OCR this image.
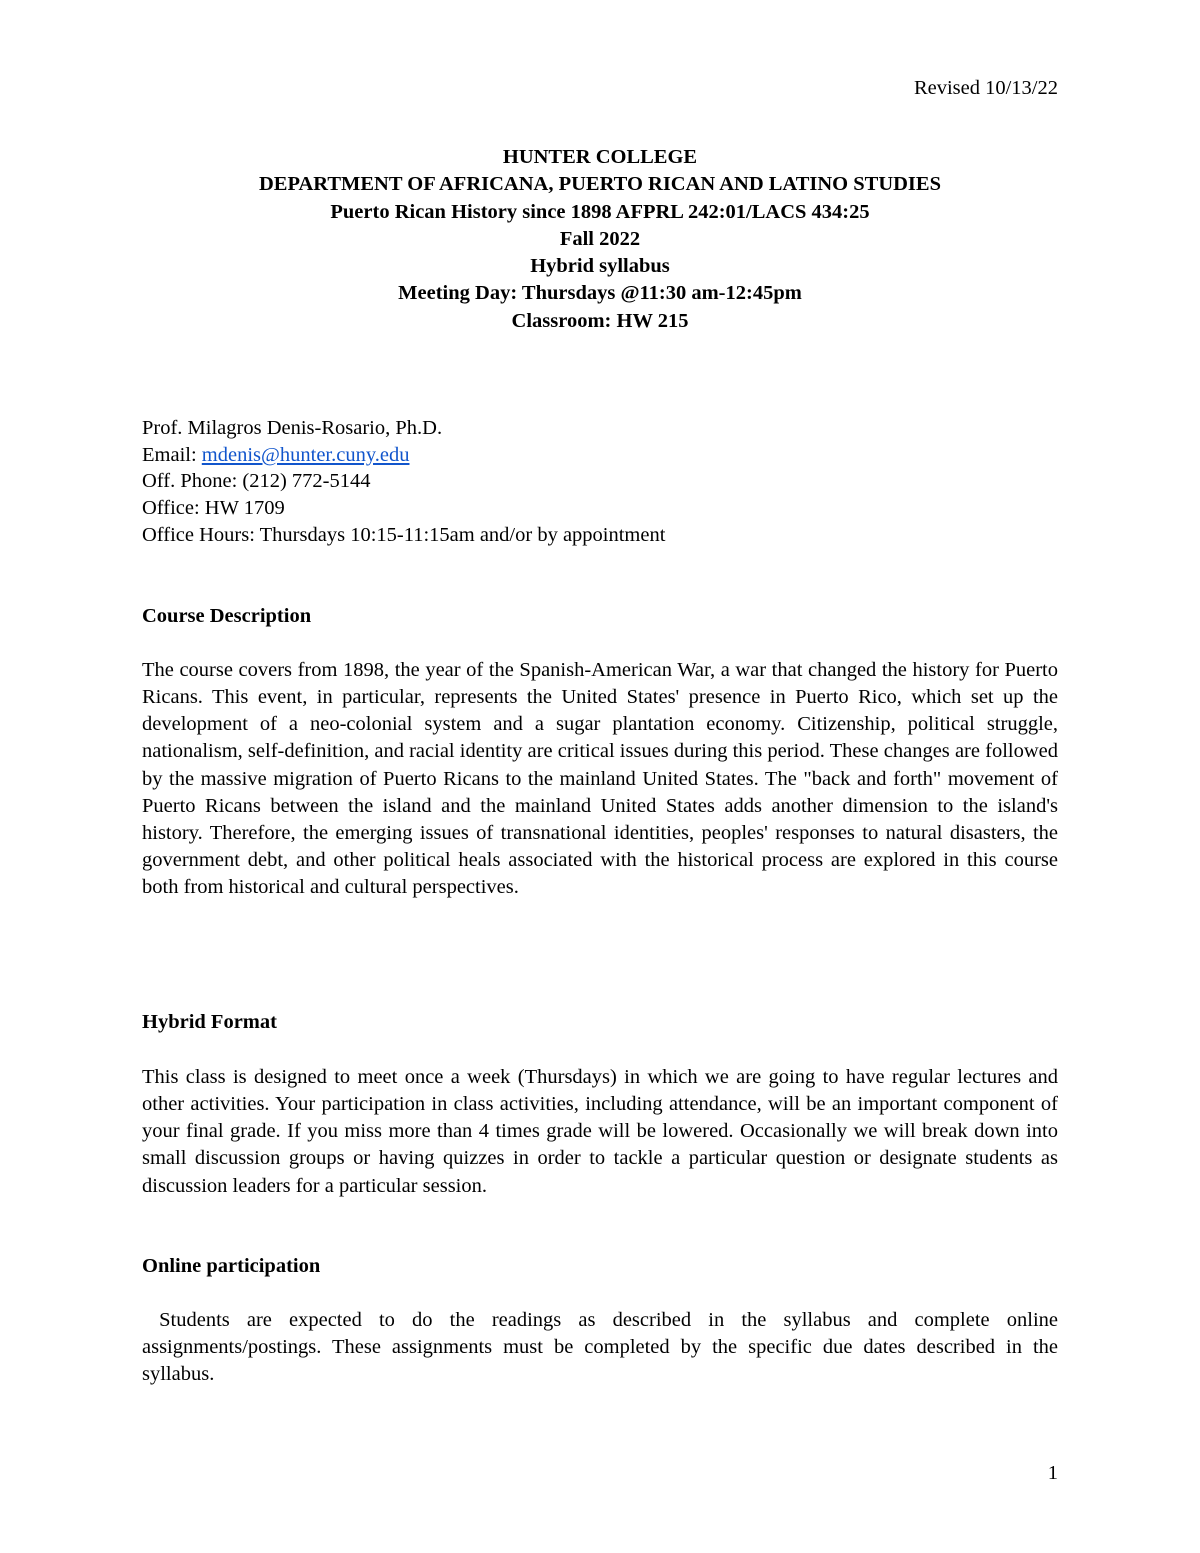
Revised 10/13/22
HUNTER COLLEGE
DEPARTMENT OF AFRICANA, PUERTO RICAN AND LATINO STUDIES
Puerto Rican History since 1898 AFPRL 242:01/LACS 434:25
Fall 2022
Hybrid syllabus
Meeting Day: Thursdays @11:30 am-12:45pm
Classroom: HW 215
Prof. Milagros Denis-Rosario, Ph.D.
Email: mdenis@hunter.cuny.edu
Off. Phone: (212) 772-5144
Office: HW 1709
Office Hours: Thursdays 10:15-11:15am and/or by appointment
Course Description
The course covers from 1898, the year of the Spanish-American War, a war that changed the history for Puerto Ricans. This event, in particular, represents the United States' presence in Puerto Rico, which set up the development of a neo-colonial system and a sugar plantation economy. Citizenship, political struggle, nationalism, self-definition, and racial identity are critical issues during this period. These changes are followed by the massive migration of Puerto Ricans to the mainland United States. The "back and forth" movement of Puerto Ricans between the island and the mainland United States adds another dimension to the island's history. Therefore, the emerging issues of transnational identities, peoples' responses to natural disasters, the government debt, and other political heals associated with the historical process are explored in this course both from historical and cultural perspectives.
Hybrid Format
This class is designed to meet once a week (Thursdays) in which we are going to have regular lectures and other activities. Your participation in class activities, including attendance, will be an important component of your final grade. If you miss more than 4 times grade will be lowered. Occasionally we will break down into small discussion groups or having quizzes in order to tackle a particular question or designate students as discussion leaders for a particular session.
Online participation
Students are expected to do the readings as described in the syllabus and complete online assignments/postings. These assignments must be completed by the specific due dates described in the syllabus.
1
